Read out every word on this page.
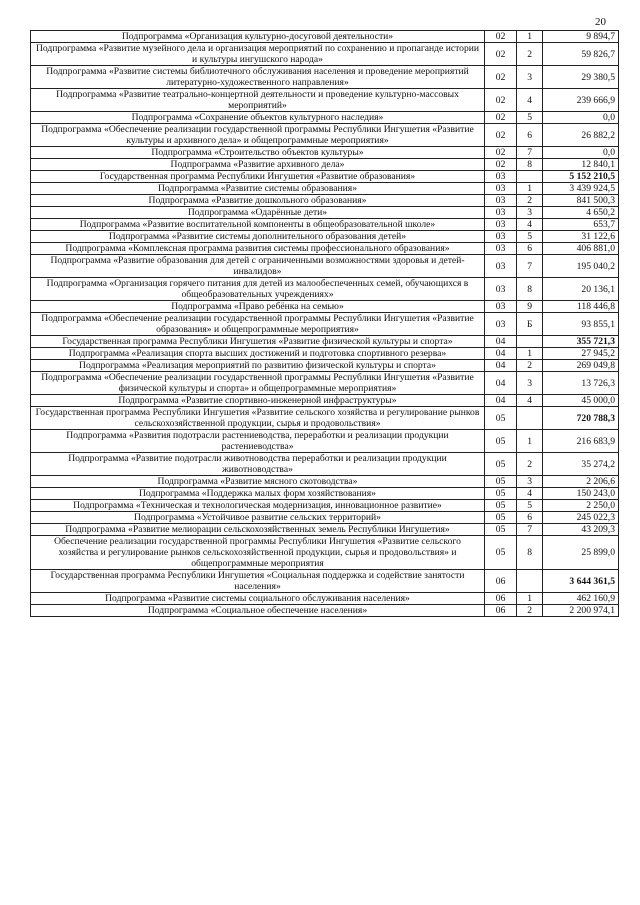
20
Подпрограмма «Организация культурно-досуговой деятельности»	02	1	9 894,7
Подпрограмма «Развитие музейного дела и организация мероприятий по сохранению и пропаганде истории и культуры ингушского народа»	02	2	59 826,7
Подпрограмма «Развитие системы библиотечного обслуживания населения и проведение мероприятий литературно-художественного направления»	02	3	29 380,5
Подпрограмма «Развитие театрально-концертной деятельности и проведение культурно-массовых мероприятий»	02	4	239 666,9
Подпрограмма «Сохранение объектов культурного наследия»	02	5	0,0
Подпрограмма «Обеспечение реализации государственной программы Республики Ингушетия «Развитие культуры и архивного дела» и общепрограммные мероприятия»	02	6	26 882,2
Подпрограмма «Строительство объектов культуры»	02	7	0,0
Подпрограмма «Развитие архивного дела»	02	8	12 840,1
Государственная программа Республики Ингушетия «Развитие образования»	03		5 152 210,5
Подпрограмма «Развитие системы образования»	03	1	3 439 924,5
Подпрограмма «Развитие дошкольного образования»	03	2	841 500,3
Подпрограмма «Одарённые дети»	03	3	4 650,2
Подпрограмма «Развитие воспитательной компоненты в общеобразовательной школе»	03	4	653,7
Подпрограмма «Развитие системы дополнительного образования детей»	03	5	31 122,6
Подпрограмма «Комплексная программа развития системы профессионального образования»	03	6	406 881,0
Подпрограмма «Развитие образования для детей с ограниченными возможностями здоровья и детей-инвалидов»	03	7	195 040,2
Подпрограмма «Организация горячего питания для детей из малообеспеченных семей, обучающихся в общеобразовательных учреждениях»	03	8	20 136,1
Подпрограмма «Право ребёнка на семью»	03	9	118 446,8
Подпрограмма «Обеспечение реализации государственной программы Республики Ингушетия «Развитие образования» и общепрограммные мероприятия»	03	Б	93 855,1
Государственная программа Республики Ингушетия «Развитие физической культуры и спорта»	04		355 721,3
Подпрограмма «Реализация спорта высших достижений и подготовка спортивного резерва»	04	1	27 945,2
Подпрограмма «Реализация мероприятий по развитию физической культуры и спорта»	04	2	269 049,8
Подпрограмма «Обеспечение реализации государственной программы Республики Ингушетия «Развитие физической культуры и спорта» и общепрограммные мероприятия»	04	3	13 726,3
Подпрограмма «Развитие спортивно-инженерной инфраструктуры»	04	4	45 000,0
Государственная программа Республики Ингушетия «Развитие сельского хозяйства и регулирование рынков сельскохозяйственной продукции, сырья и продовольствия»	05		720 788,3
Подпрограмма «Развития подотрасли растениеводства, переработки и реализации продукции растениеводства»	05	1	216 683,9
Подпрограмма «Развитие подотрасли животноводства переработки и реализации продукции животноводства»	05	2	35 274,2
Подпрограмма «Развитие мясного скотоводства»	05	3	2 206,6
Подпрограмма «Поддержка малых форм хозяйствования»	05	4	150 243,0
Подпрограмма «Техническая и технологическая модернизация, инновационное развитие»	05	5	2 250,0
Подпрограмма «Устойчивое развитие сельских территорий»	05	6	245 022,3
Подпрограмма «Развитие мелиорации сельскохозяйственных земель Республики Ингушетия»	05	7	43 209,3
Обеспечение реализации государственной программы Республики Ингушетия «Развитие сельского хозяйства и регулирование рынков сельскохозяйственной продукции, сырья и продовольствия» и общепрограммные мероприятия	05	8	25 899,0
Государственная программа Республики Ингушетия «Социальная поддержка и содействие занятости населения»	06		3 644 361,5
Подпрограмма «Развитие системы социального обслуживания населения»	06	1	462 160,9
Подпрограмма «Социальное обеспечение населения»	06	2	2 200 974,1
